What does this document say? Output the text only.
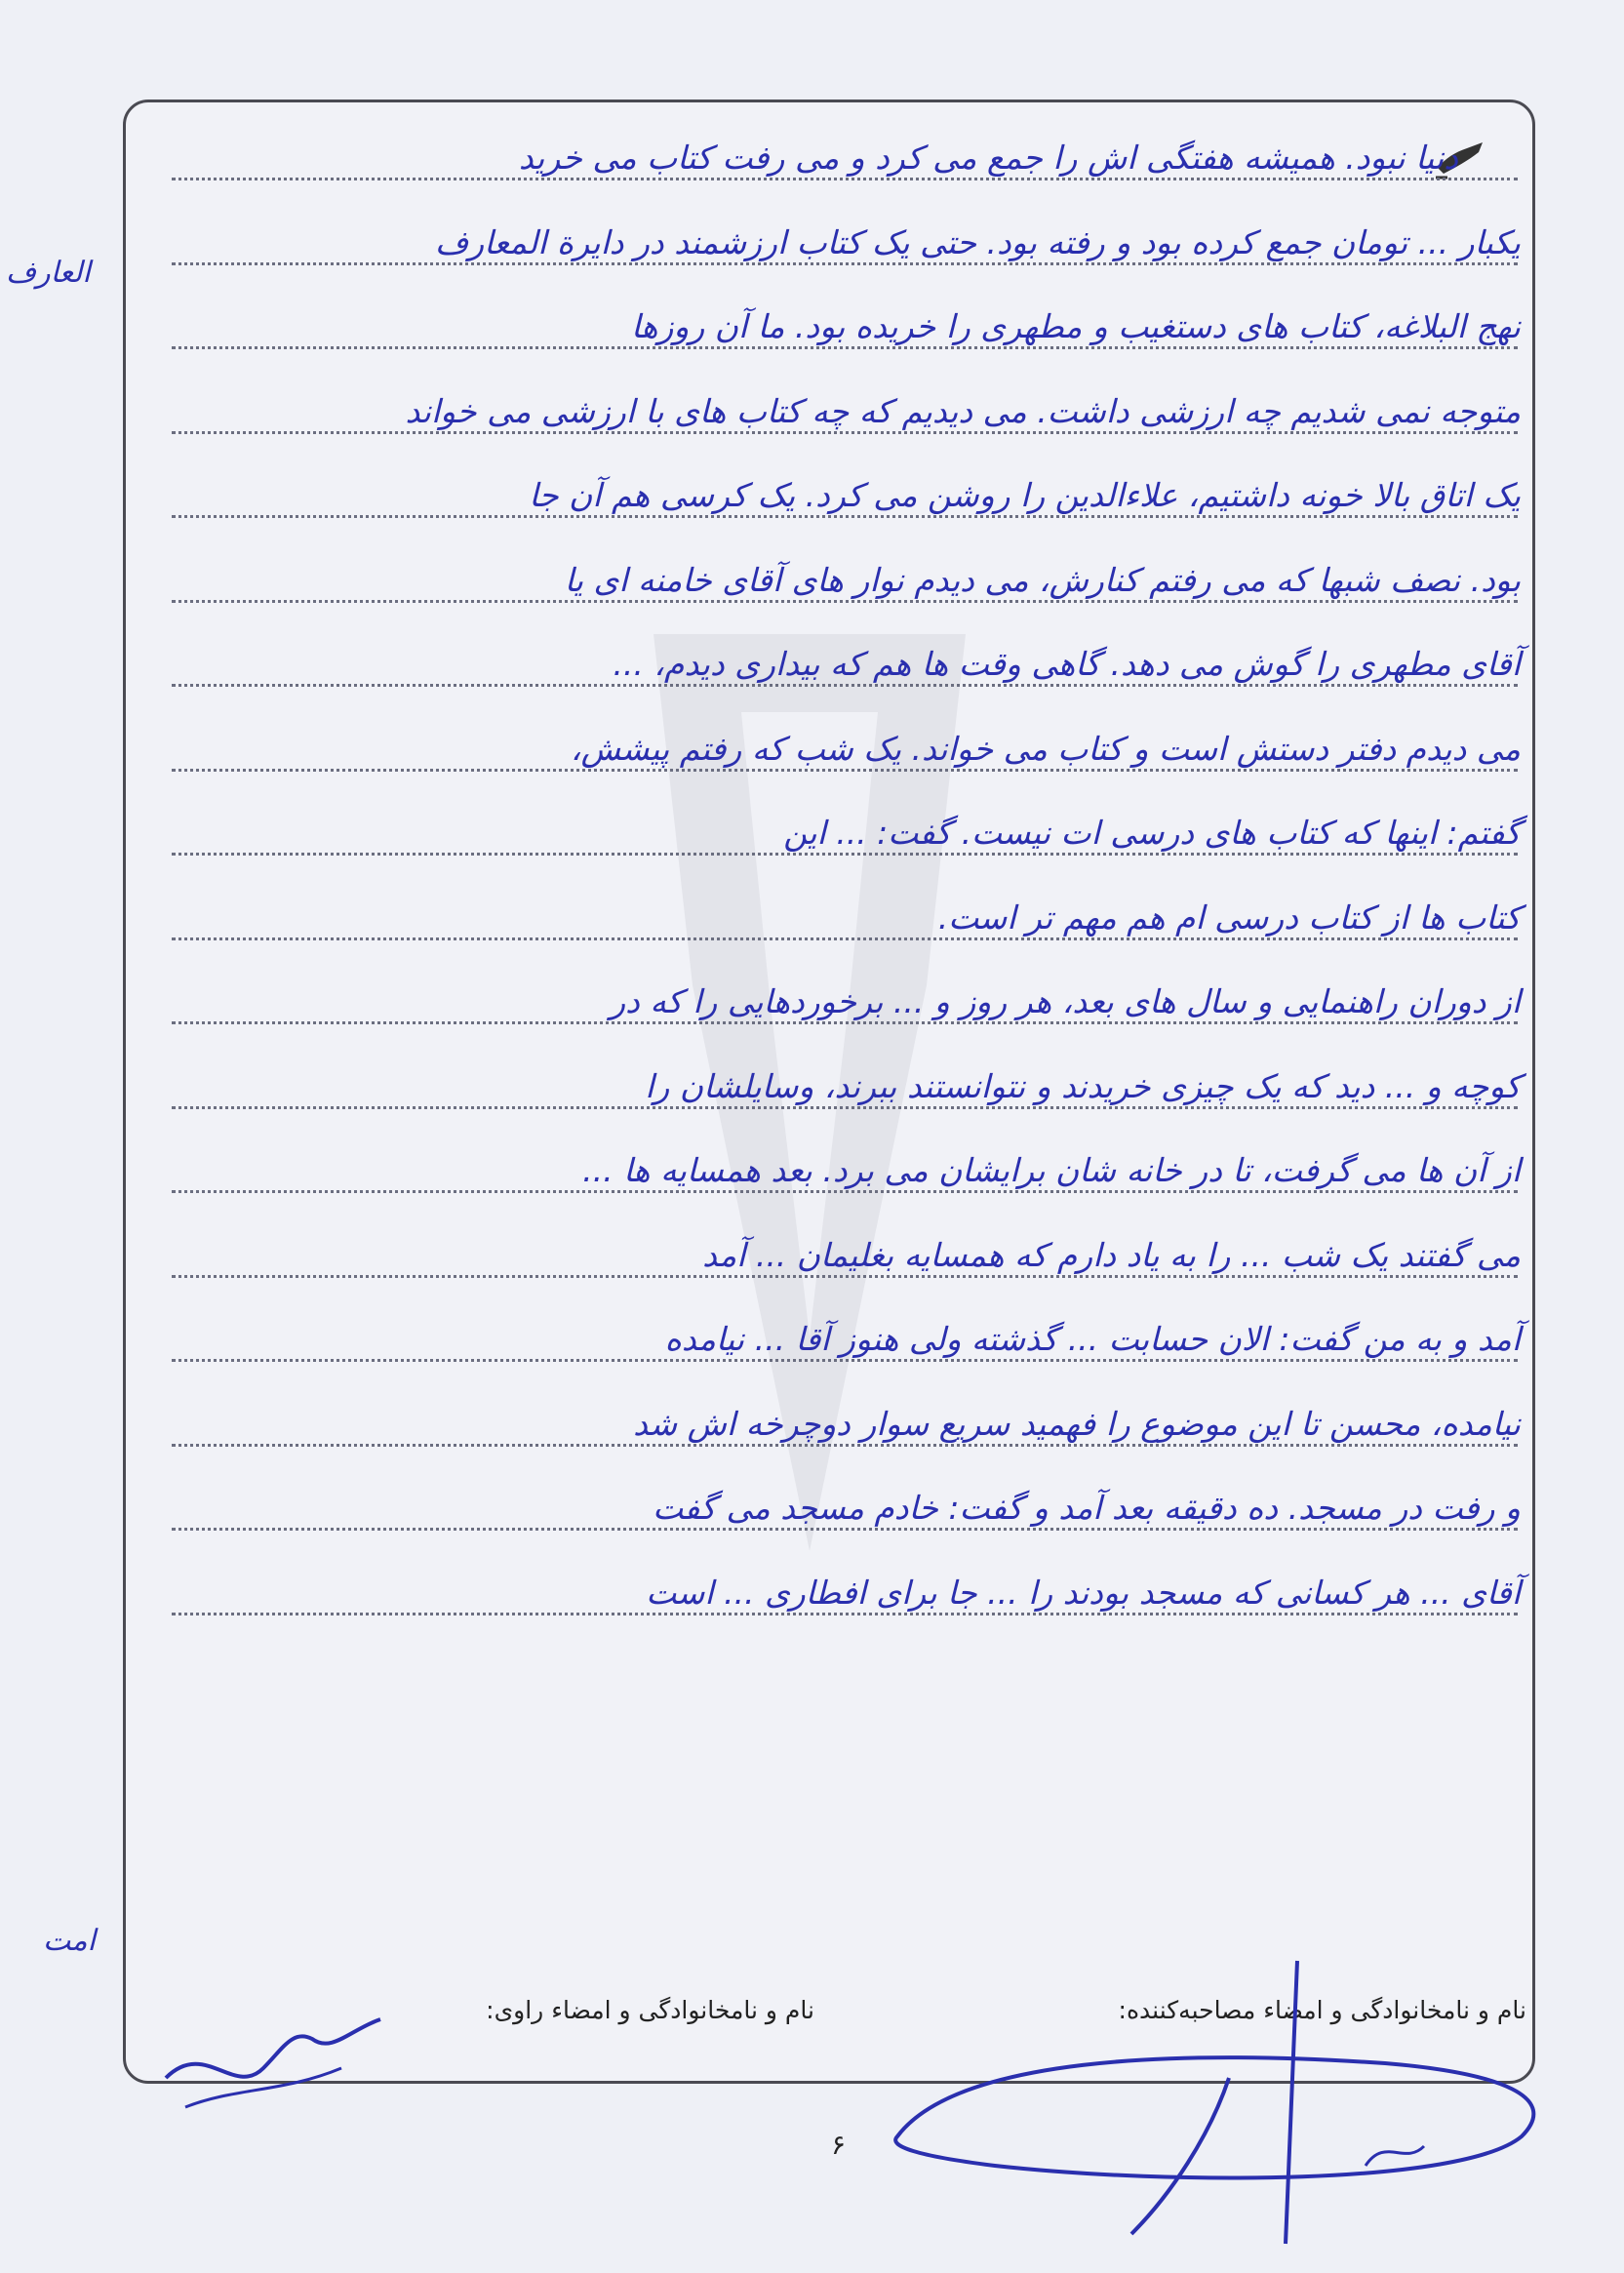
دنیا نبود. همیشه هفتگی اش را جمع می کرد و می رفت کتاب می خرید
یکبار ... تومان جمع کرده بود و رفته بود. حتی یک کتاب ارزشمند در دایرة المعارف
نهج البلاغه، کتاب های دستغیب و مطهری را خریده بود. ما آن روزها
متوجه نمی شدیم چه ارزشی داشت. می دیدیم که چه کتاب های با ارزشی می خواند
یک اتاق بالا خونه داشتیم، علاءالدین را روشن می کرد. یک کرسی هم آن جا
بود. نصف شبها که می رفتم کنارش، می دیدم نوار های آقای خامنه ای یا
آقای مطهری را گوش می دهد. گاهی وقت ها هم که بیداری دیدم، ...
می دیدم دفتر دستش است و کتاب می خواند. یک شب که رفتم پیشش،
گفتم: اینها که کتاب های درسی ات نیست. گفت: ... این
کتاب ها از کتاب درسی ام هم مهم تر است.
از دوران راهنمایی و سال های بعد، هر روز و ... برخوردهایی را که در
کوچه و ... دید که یک چیزی خریدند و نتوانستند ببرند، وسایلشان را
از آن ها می گرفت، تا در خانه شان برایشان می برد. بعد همسایه ها ...
می گفتند یک شب ... را به یاد دارم که همسایه بغلیمان ... آمد
آمد و به من گفت: الان حسابت ... گذشته ولی هنوز آقا ... نیامده
نیامده، محسن تا این موضوع را فهمید سریع سوار دوچرخه اش شد
و رفت در مسجد. ده دقیقه بعد آمد و گفت: خادم مسجد می گفت
آقای ... هر کسانی که مسجد بودند را ... جا برای افطاری ... است
العارف
امت
نام و نامخانوادگی و امضاء مصاحبه‌کننده:
نام و نامخانوادگی و امضاء راوی:
۶
